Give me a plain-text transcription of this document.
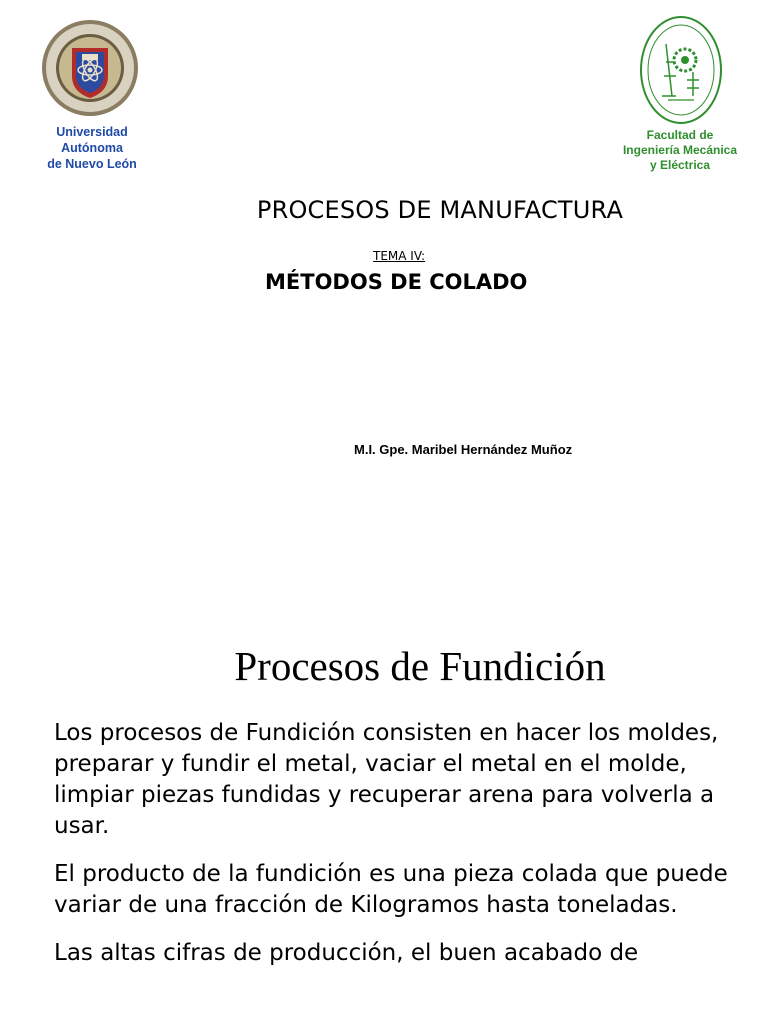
Universidad
Autónoma
de Nuevo León
Facultad de
Ingeniería Mecánica
y Eléctrica
PROCESOS DE MANUFACTURA
TEMA IV:
MÉTODOS DE COLADO
M.I. Gpe. Maribel Hernández Muñoz
Procesos de Fundición

Los procesos de Fundición consisten en hacer los moldes, preparar y fundir el metal, vaciar el metal en el molde, limpiar piezas fundidas y recuperar arena para volverla a usar.

El producto de la fundición es una pieza colada que puede variar de una fracción de Kilogramos hasta toneladas.

Las altas cifras de producción, el buen acabado de
